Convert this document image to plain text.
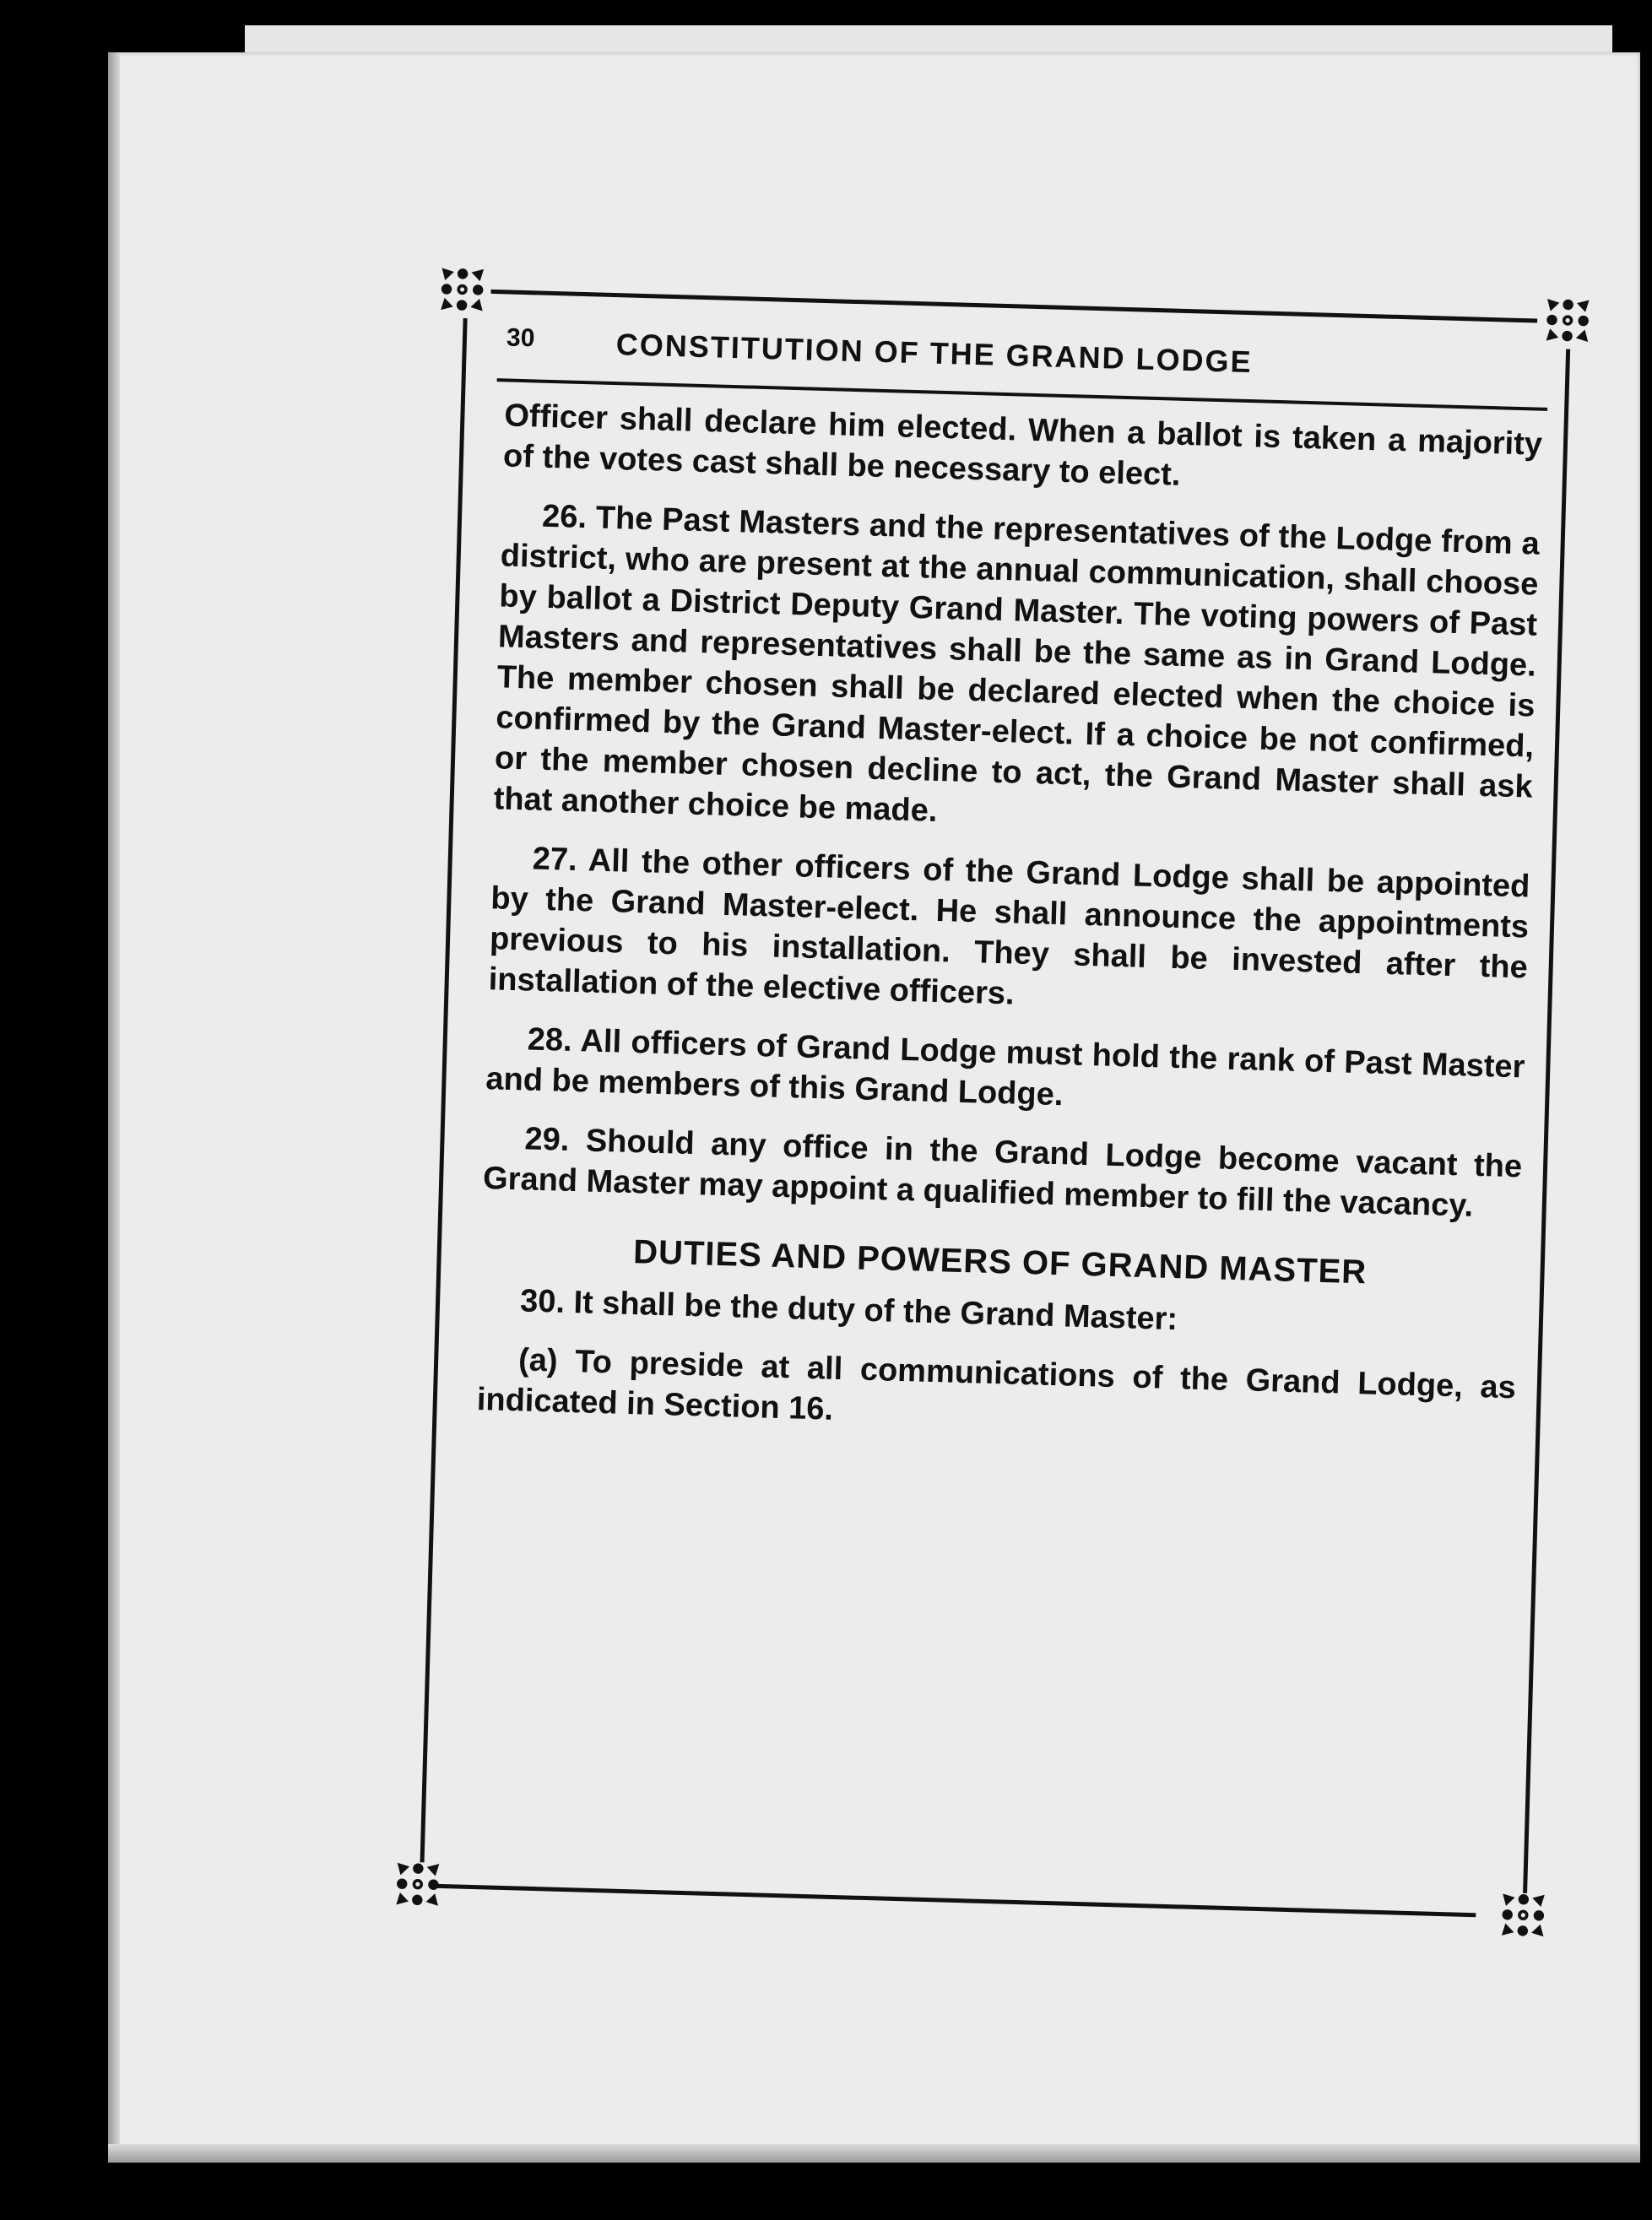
30	CONSTITUTION OF THE GRAND LODGE

Officer shall declare him elected. When a ballot is taken a majority of the votes cast shall be necessary to elect.

26. The Past Masters and the representatives of the Lodge from a district, who are present at the annual communication, shall choose by ballot a District Deputy Grand Master. The voting powers of Past Masters and representatives shall be the same as in Grand Lodge. The member chosen shall be declared elected when the choice is confirmed by the Grand Master-elect. If a choice be not confirmed, or the member chosen decline to act, the Grand Master shall ask that another choice be made.

27. All the other officers of the Grand Lodge shall be appointed by the Grand Master-elect. He shall announce the appointments previous to his installation. They shall be invested after the installation of the elective officers.

28. All officers of Grand Lodge must hold the rank of Past Master and be members of this Grand Lodge.

29. Should any office in the Grand Lodge become vacant the Grand Master may appoint a qualified member to fill the vacancy.

DUTIES AND POWERS OF GRAND MASTER

30. It shall be the duty of the Grand Master:

(a) To preside at all communications of the Grand Lodge, as indicated in Section 16.
